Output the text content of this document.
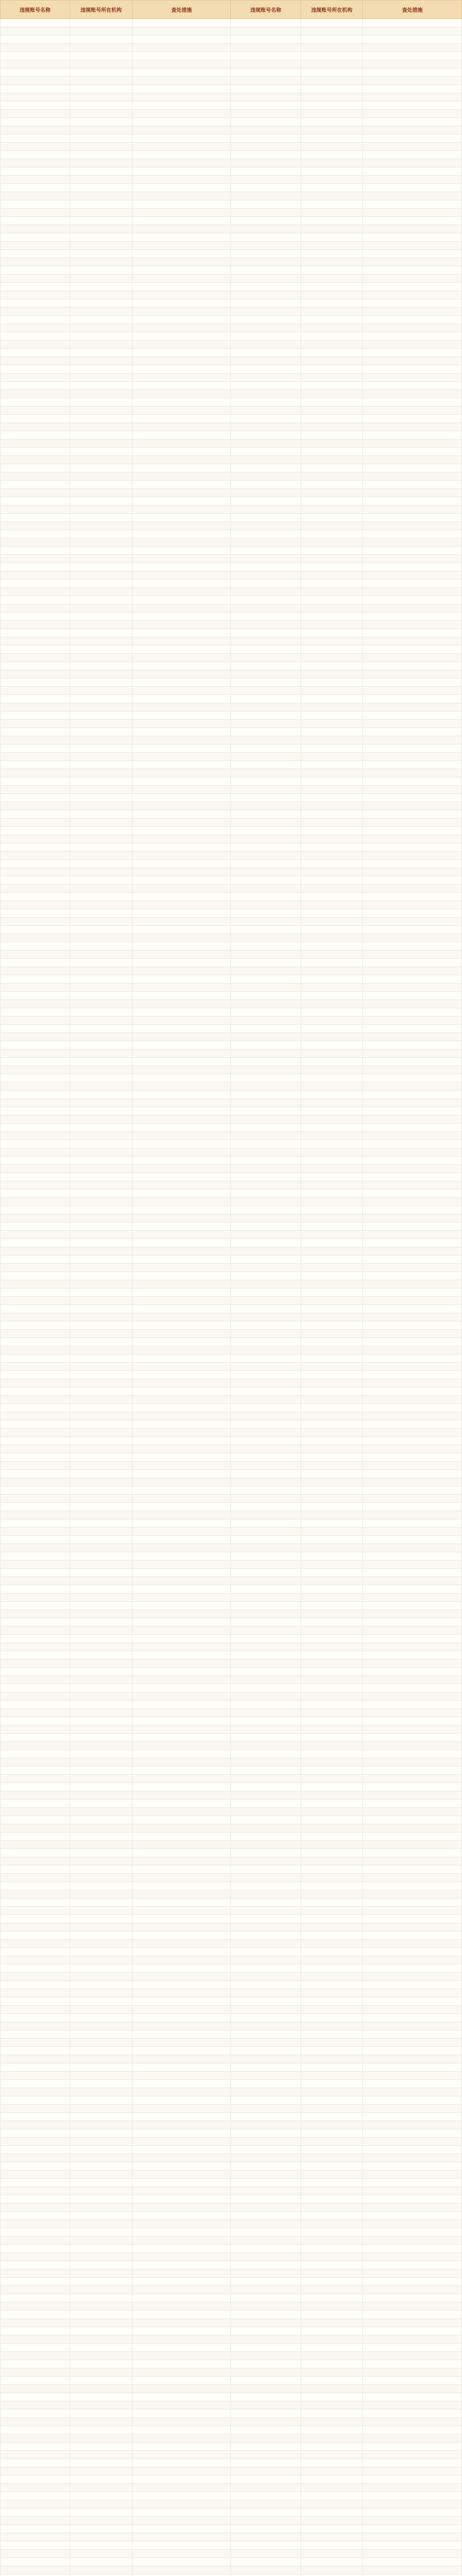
违规账号名称	违规账号所在机构	查处措施	违规账号名称	违规账号所在机构	查处措施
